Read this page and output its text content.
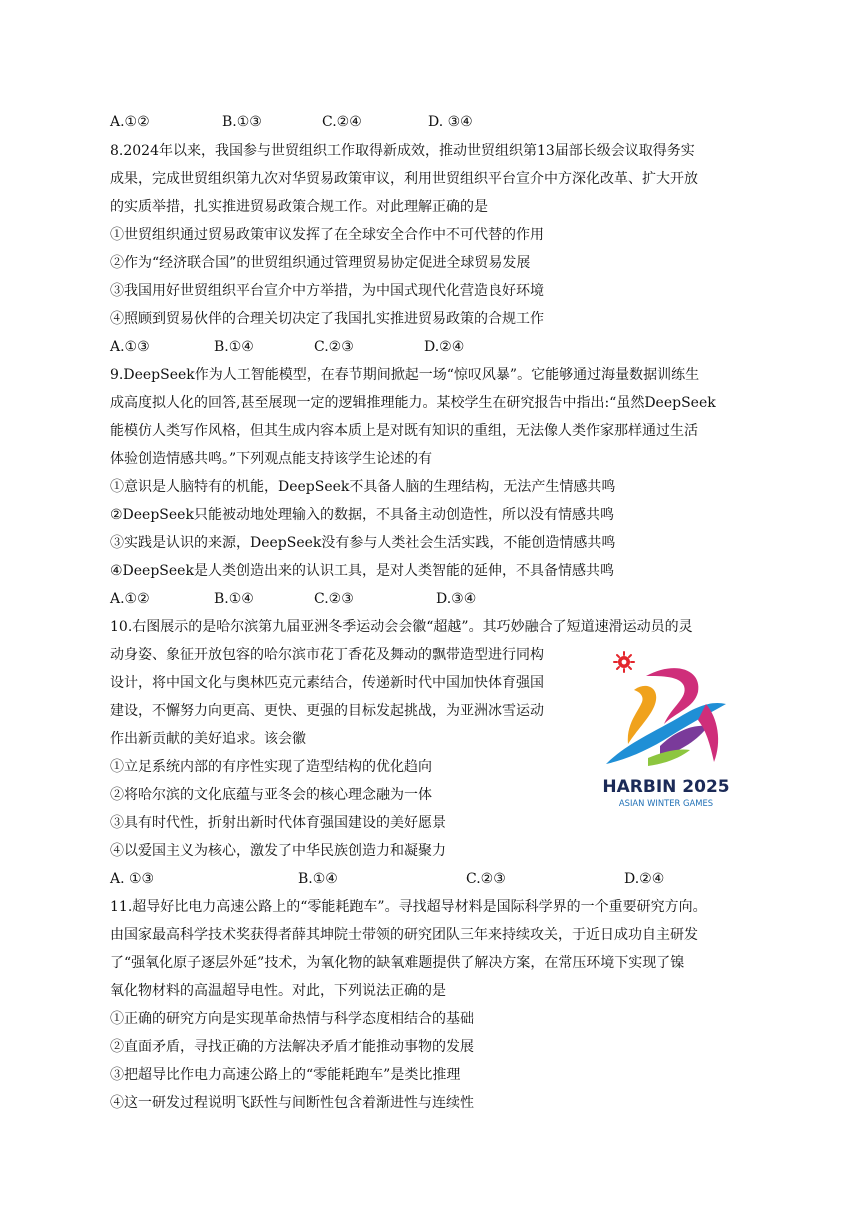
A.①②	B.①③	C.②④	D. ③④
8.2024年以来，我国参与世贸组织工作取得新成效，推动世贸组织第13届部长级会议取得务实
成果，完成世贸组织第九次对华贸易政策审议，利用世贸组织平台宣介中方深化改革、扩大开放
的实质举措，扎实推进贸易政策合规工作。对此理解正确的是
①世贸组织通过贸易政策审议发挥了在全球安全合作中不可代替的作用
②作为“经济联合国”的世贸组织通过管理贸易协定促进全球贸易发展
③我国用好世贸组织平台宣介中方举措，为中国式现代化营造良好环境
④照顾到贸易伙伴的合理关切决定了我国扎实推进贸易政策的合规工作
A.①③	B.①④	C.②③	D.②④
9.DeepSeek作为人工智能模型，在春节期间掀起一场“惊叹风暴”。它能够通过海量数据训练生
成高度拟人化的回答,甚至展现一定的逻辑推理能力。某校学生在研究报告中指出:“虽然DeepSeek
能模仿人类写作风格，但其生成内容本质上是对既有知识的重组，无法像人类作家那样通过生活
体验创造情感共鸣。”下列观点能支持该学生论述的有
①意识是人脑特有的机能，DeepSeek不具备人脑的生理结构，无法产生情感共鸣
②DeepSeek只能被动地处理输入的数据，不具备主动创造性，所以没有情感共鸣
③实践是认识的来源，DeepSeek没有参与人类社会生活实践，不能创造情感共鸣
④DeepSeek是人类创造出来的认识工具，是对人类智能的延伸，不具备情感共鸣
A.①②	B.①④	C.②③	D.③④
10.右图展示的是哈尔滨第九届亚洲冬季运动会会徽“超越”。其巧妙融合了短道速滑运动员的灵
动身姿、象征开放包容的哈尔滨市花丁香花及舞动的飘带造型进行同构
设计，将中国文化与奥林匹克元素结合，传递新时代中国加快体育强国
建设，不懈努力向更高、更快、更强的目标发起挑战，为亚洲冰雪运动
作出新贡献的美好追求。该会徽
①立足系统内部的有序性实现了造型结构的优化趋向
②将哈尔滨的文化底蕴与亚冬会的核心理念融为一体
③具有时代性，折射出新时代体育强国建设的美好愿景
④以爱国主义为核心，激发了中华民族创造力和凝聚力
A. ①③	B.①④	C.②③	D.②④
HARBIN 2025
ASIAN WINTER GAMES
11.超导好比电力高速公路上的“零能耗跑车”。寻找超导材料是国际科学界的一个重要研究方向。
由国家最高科学技术奖获得者薛其坤院士带领的研究团队三年来持续攻关，于近日成功自主研发
了“强氧化原子逐层外延”技术，为氧化物的缺氧难题提供了解决方案，在常压环境下实现了镍
氧化物材料的高温超导电性。对此，下列说法正确的是
①正确的研究方向是实现革命热情与科学态度相结合的基础
②直面矛盾，寻找正确的方法解决矛盾才能推动事物的发展
③把超导比作电力高速公路上的“零能耗跑车”是类比推理
④这一研发过程说明飞跃性与间断性包含着渐进性与连续性
